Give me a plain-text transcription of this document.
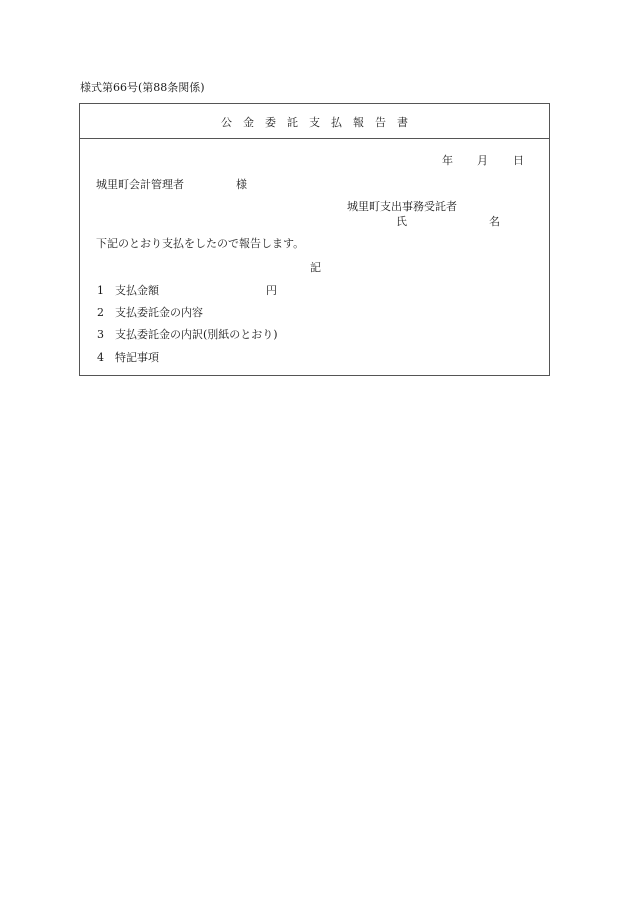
様式第66号(第88条関係)
公金委託支払報告書
年 月 日
城里町会計管理者	様
城里町支出事務受託者
氏	名
下記のとおり支払をしたので報告します。
記
1 支払金額	円
2 支払委託金の内容
3 支払委託金の内訳(別紙のとおり)
4 特記事項
